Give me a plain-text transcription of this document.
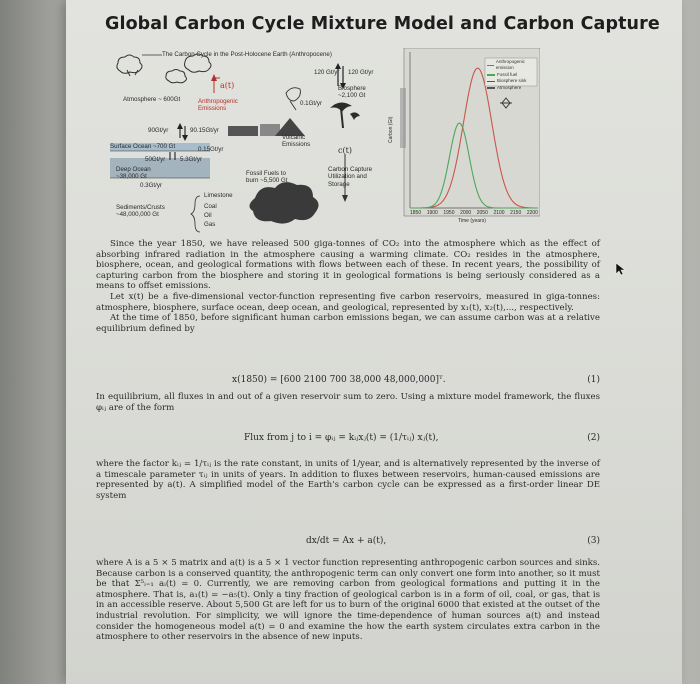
Global Carbon Cycle Mixture Model and Carbon Capture
The Carbon Cycle in the Post-Holocene Earth (Anthropocene)
Atmosphere ~ 600Gt	Anthropogenic Emissions
a(t)
120 Gt/yr 120 Gt/yr
Biosphere ~2,100 Gt
0.1Gt/yr
90Gt/yr	90.15Gt/yr
Surface Ocean ~700 Gt	0.15Gt/yr
50Gt/yr 5.3Gt/yr
Deep Ocean ~38,000 Gt
0.3Gt/yr
Volcanic Emissions
Fossil Fuels to burn ~5,500 Gt
c(t)
Carbon Capture Utilization and Storage
Sediments/Crusts ~48,000,000 Gt
Limestone
Coal
Oil
Gas
1850 1900 1950 2000 2050 2100 2150 2200
Time (years)
Carbon (Gt)
Anthropogenic emission
Fossil fuel
Biosphere sink
Atmosphere

Since the year 1850, we have released 500 giga-tonnes of CO₂ into the atmosphere which as the effect of absorbing infrared radiation in the atmosphere causing a warming climate. CO₂ resides in the atmosphere, biosphere, ocean, and geological formations with flows between each of these. In recent years, the possibility of capturing carbon from the biosphere and storing it in geological formations is being seriously considered as a means to offset emissions.

Let x(t) be a five-dimensional vector-function representing five carbon reservoirs, measured in giga-tonnes: atmosphere, biosphere, surface ocean, deep ocean, and geological, represented by x₁(t), x₂(t),..., respectively.

At the time of 1850, before significant human carbon emissions began, we can assume carbon was at a relative equilibrium defined by

x(1850) = [600 2100 700 38,000 48,000,000]ᵀ.	(1)

In equilibrium, all fluxes in and out of a given reservoir sum to zero. Using a mixture model framework, the fluxes φᵢⱼ are of the form

Flux from j to i = φᵢⱼ = kᵢⱼxⱼ(t) = (1/τᵢⱼ) xⱼ(t),	(2)

where the factor kᵢⱼ = 1/τᵢⱼ is the rate constant, in units of 1/year, and is alternatively represented by the inverse of a timescale parameter τᵢⱼ in units of years. In addition to fluxes between reservoirs, human-caused emissions are represented by a(t). A simplified model of the Earth's carbon cycle can be expressed as a first-order linear DE system

dx/dt = Ax + a(t),	(3)

where A is a 5 × 5 matrix and a(t) is a 5 × 1 vector function representing anthropogenic carbon sources and sinks. Because carbon is a conserved quantity, the anthropogenic term can only convert one form into another, so it must be that Σ⁵ᵢ₌₁ aᵢ(t) = 0. Currently, we are removing carbon from geological formations and putting it in the atmosphere. That is, a₁(t) = −a₅(t). Only a tiny fraction of geological carbon is in a form of oil, coal, or gas, that is in an accessible reserve. About 5,500 Gt are left for us to burn of the original 6000 that existed at the outset of the industrial revolution. For simplicity, we will ignore the time-dependence of human sources a(t) and instead consider the homogeneous model a(t) = 0 and examine the how the earth system circulates extra carbon in the atmosphere to other reservoirs in the absence of new inputs.
